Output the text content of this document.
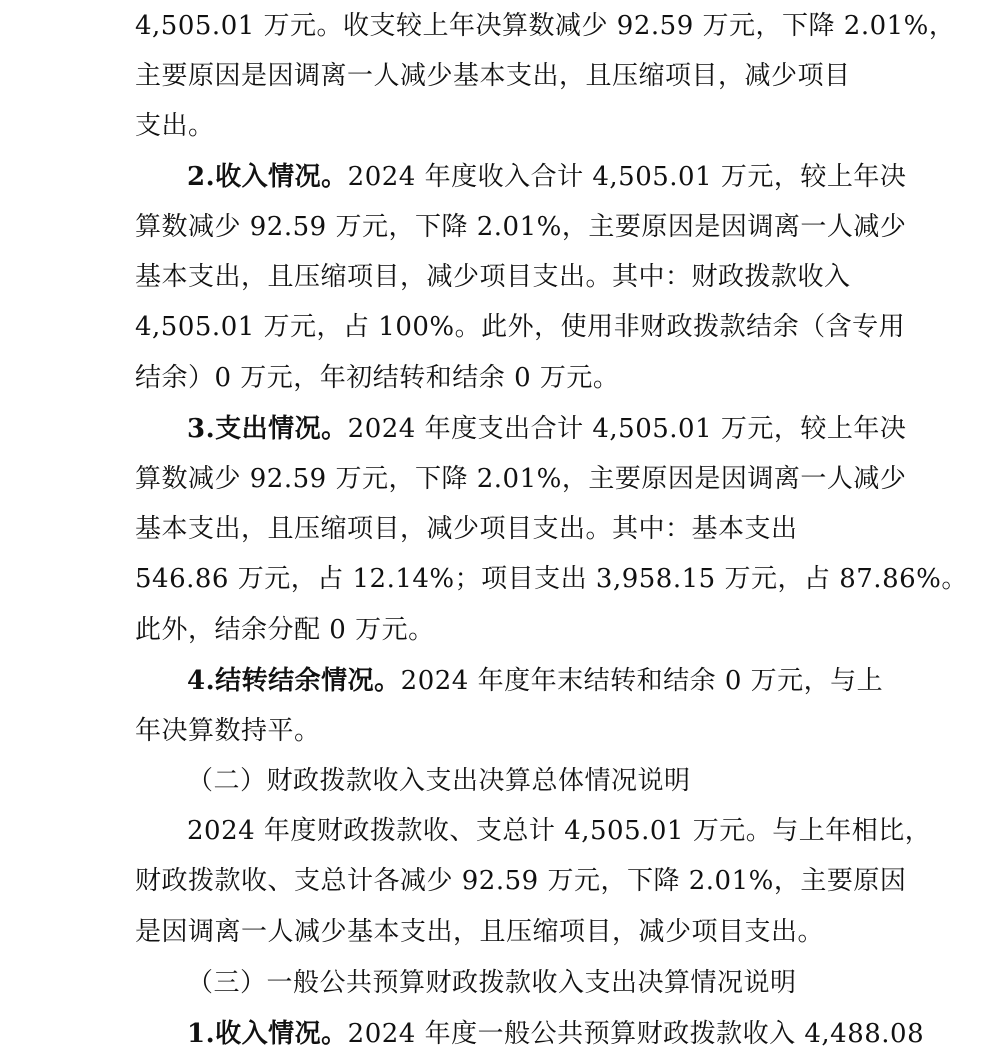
4,505.01 万元。收支较上年决算数减少 92.59 万元，下降 2.01%，
主要原因是因调离一人减少基本支出，且压缩项目，减少项目
支出。
2.收入情况。2024 年度收入合计 4,505.01 万元，较上年决
算数减少 92.59 万元，下降 2.01%，主要原因是因调离一人减少
基本支出，且压缩项目，减少项目支出。其中：财政拨款收入
4,505.01 万元，占 100%。此外，使用非财政拨款结余（含专用
结余）0 万元，年初结转和结余 0 万元。
3.支出情况。2024 年度支出合计 4,505.01 万元，较上年决
算数减少 92.59 万元，下降 2.01%，主要原因是因调离一人减少
基本支出，且压缩项目，减少项目支出。其中：基本支出
546.86 万元，占 12.14%；项目支出 3,958.15 万元，占 87.86%。
此外，结余分配 0 万元。
4.结转结余情况。2024 年度年末结转和结余 0 万元，与上
年决算数持平。
（二）财政拨款收入支出决算总体情况说明
2024 年度财政拨款收、支总计 4,505.01 万元。与上年相比，
财政拨款收、支总计各减少 92.59 万元，下降 2.01%，主要原因
是因调离一人减少基本支出，且压缩项目，减少项目支出。
（三）一般公共预算财政拨款收入支出决算情况说明
1.收入情况。2024 年度一般公共预算财政拨款收入 4,488.08
